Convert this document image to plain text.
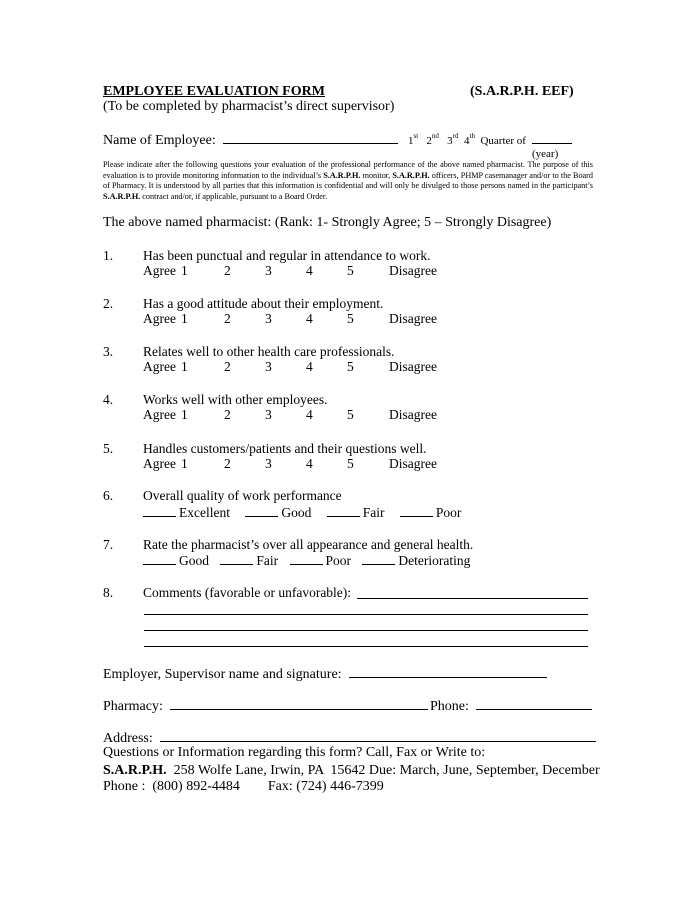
EMPLOYEE EVALUATION FORM	(S.A.R.P.H. EEF)
(To be completed by pharmacist’s direct supervisor)
Name of Employee:	1st 2nd 3rd 4th Quarter of
(year)
Please indicate after the following questions your evaluation of the professional performance of the above named pharmacist. The purpose of this evaluation is to provide monitoring information to the individual’s S.A.R.P.H. monitor, S.A.R.P.H. officers, PHMP casemanager and/or to the Board of Pharmacy. It is understood by all parties that this information is confidential and will only be divulged to those persons named in the participant’s S.A.R.P.H. contract and/or, if applicable, pursuant to a Board Order.
The above named pharmacist: (Rank: 1- Strongly Agree; 5 – Strongly Disagree)
1. Has been punctual and regular in attendance to work.
Agree 1	2	3	4	5	Disagree
2. Has a good attitude about their employment.
Agree 1	2	3	4	5	Disagree
3. Relates well to other health care professionals.
Agree 1	2	3	4	5	Disagree
4. Works well with other employees.
Agree 1	2	3	4	5	Disagree
5. Handles customers/patients and their questions well.
Agree 1	2	3	4	5	Disagree
6. Overall quality of work performance
Excellent	Good	Fair	Poor
7. Rate the pharmacist’s over all appearance and general health.
Good	Fair	Poor	Deteriorating
8. Comments (favorable or unfavorable):
Employer, Supervisor name and signature:
Pharmacy:	Phone:
Address:
Questions or Information regarding this form? Call, Fax or Write to:
S.A.R.P.H.  258 Wolfe Lane, Irwin, PA  15642 Due: March, June, September, December
Phone :  (800) 892-4484        Fax: (724) 446-7399
